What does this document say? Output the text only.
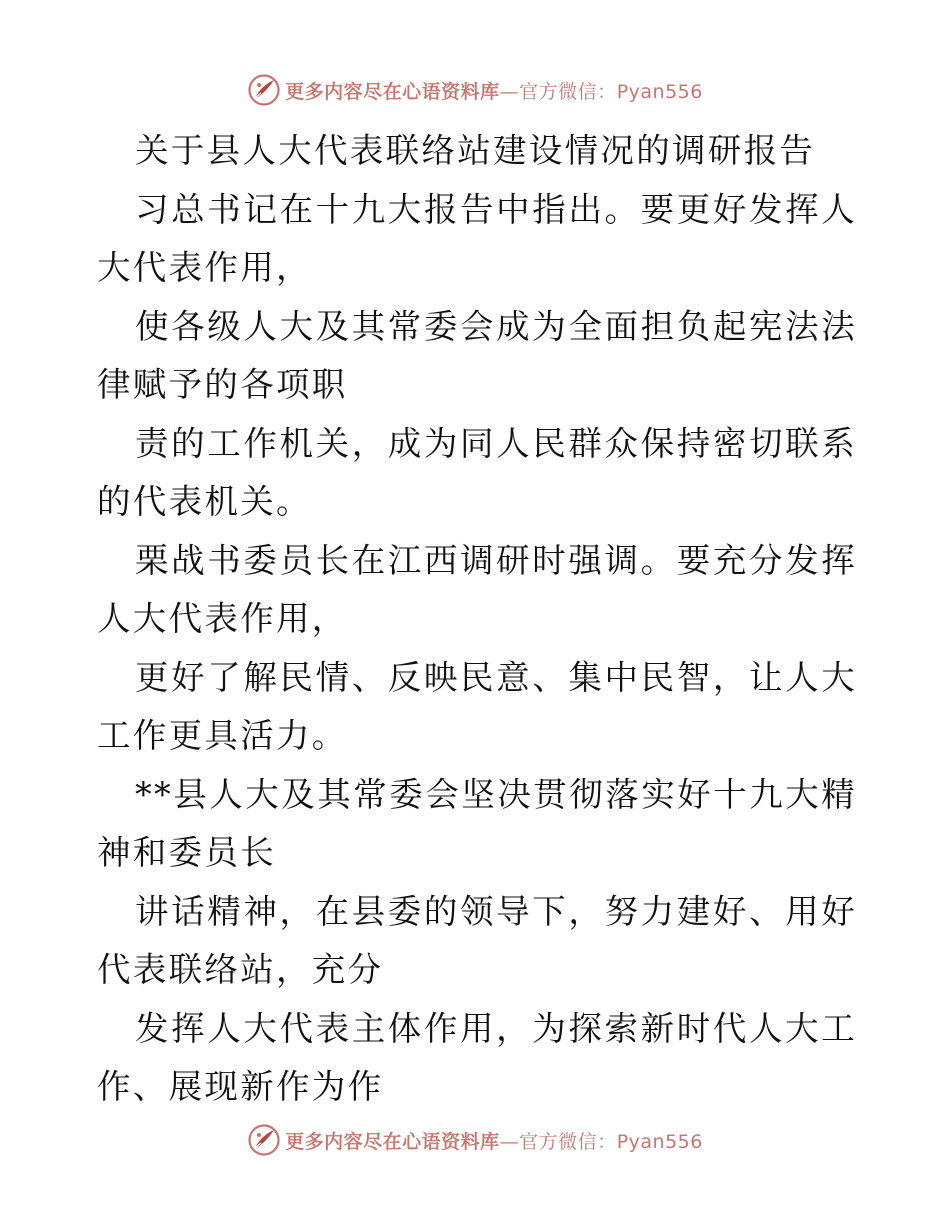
更多内容尽在心语资料库—官方微信：Pyan556

关于县人大代表联络站建设情况的调研报告

习总书记在十九大报告中指出。要更好发挥人大代表作用，

使各级人大及其常委会成为全面担负起宪法法律赋予的各项职

责的工作机关，成为同人民群众保持密切联系的代表机关。

栗战书委员长在江西调研时强调。要充分发挥人大代表作用，

更好了解民情、反映民意、集中民智，让人大工作更具活力。

**县人大及其常委会坚决贯彻落实好十九大精神和委员长

讲话精神，在县委的领导下，努力建好、用好代表联络站，充分

发挥人大代表主体作用，为探索新时代人大工作、展现新作为作

更多内容尽在心语资料库—官方微信：Pyan556
